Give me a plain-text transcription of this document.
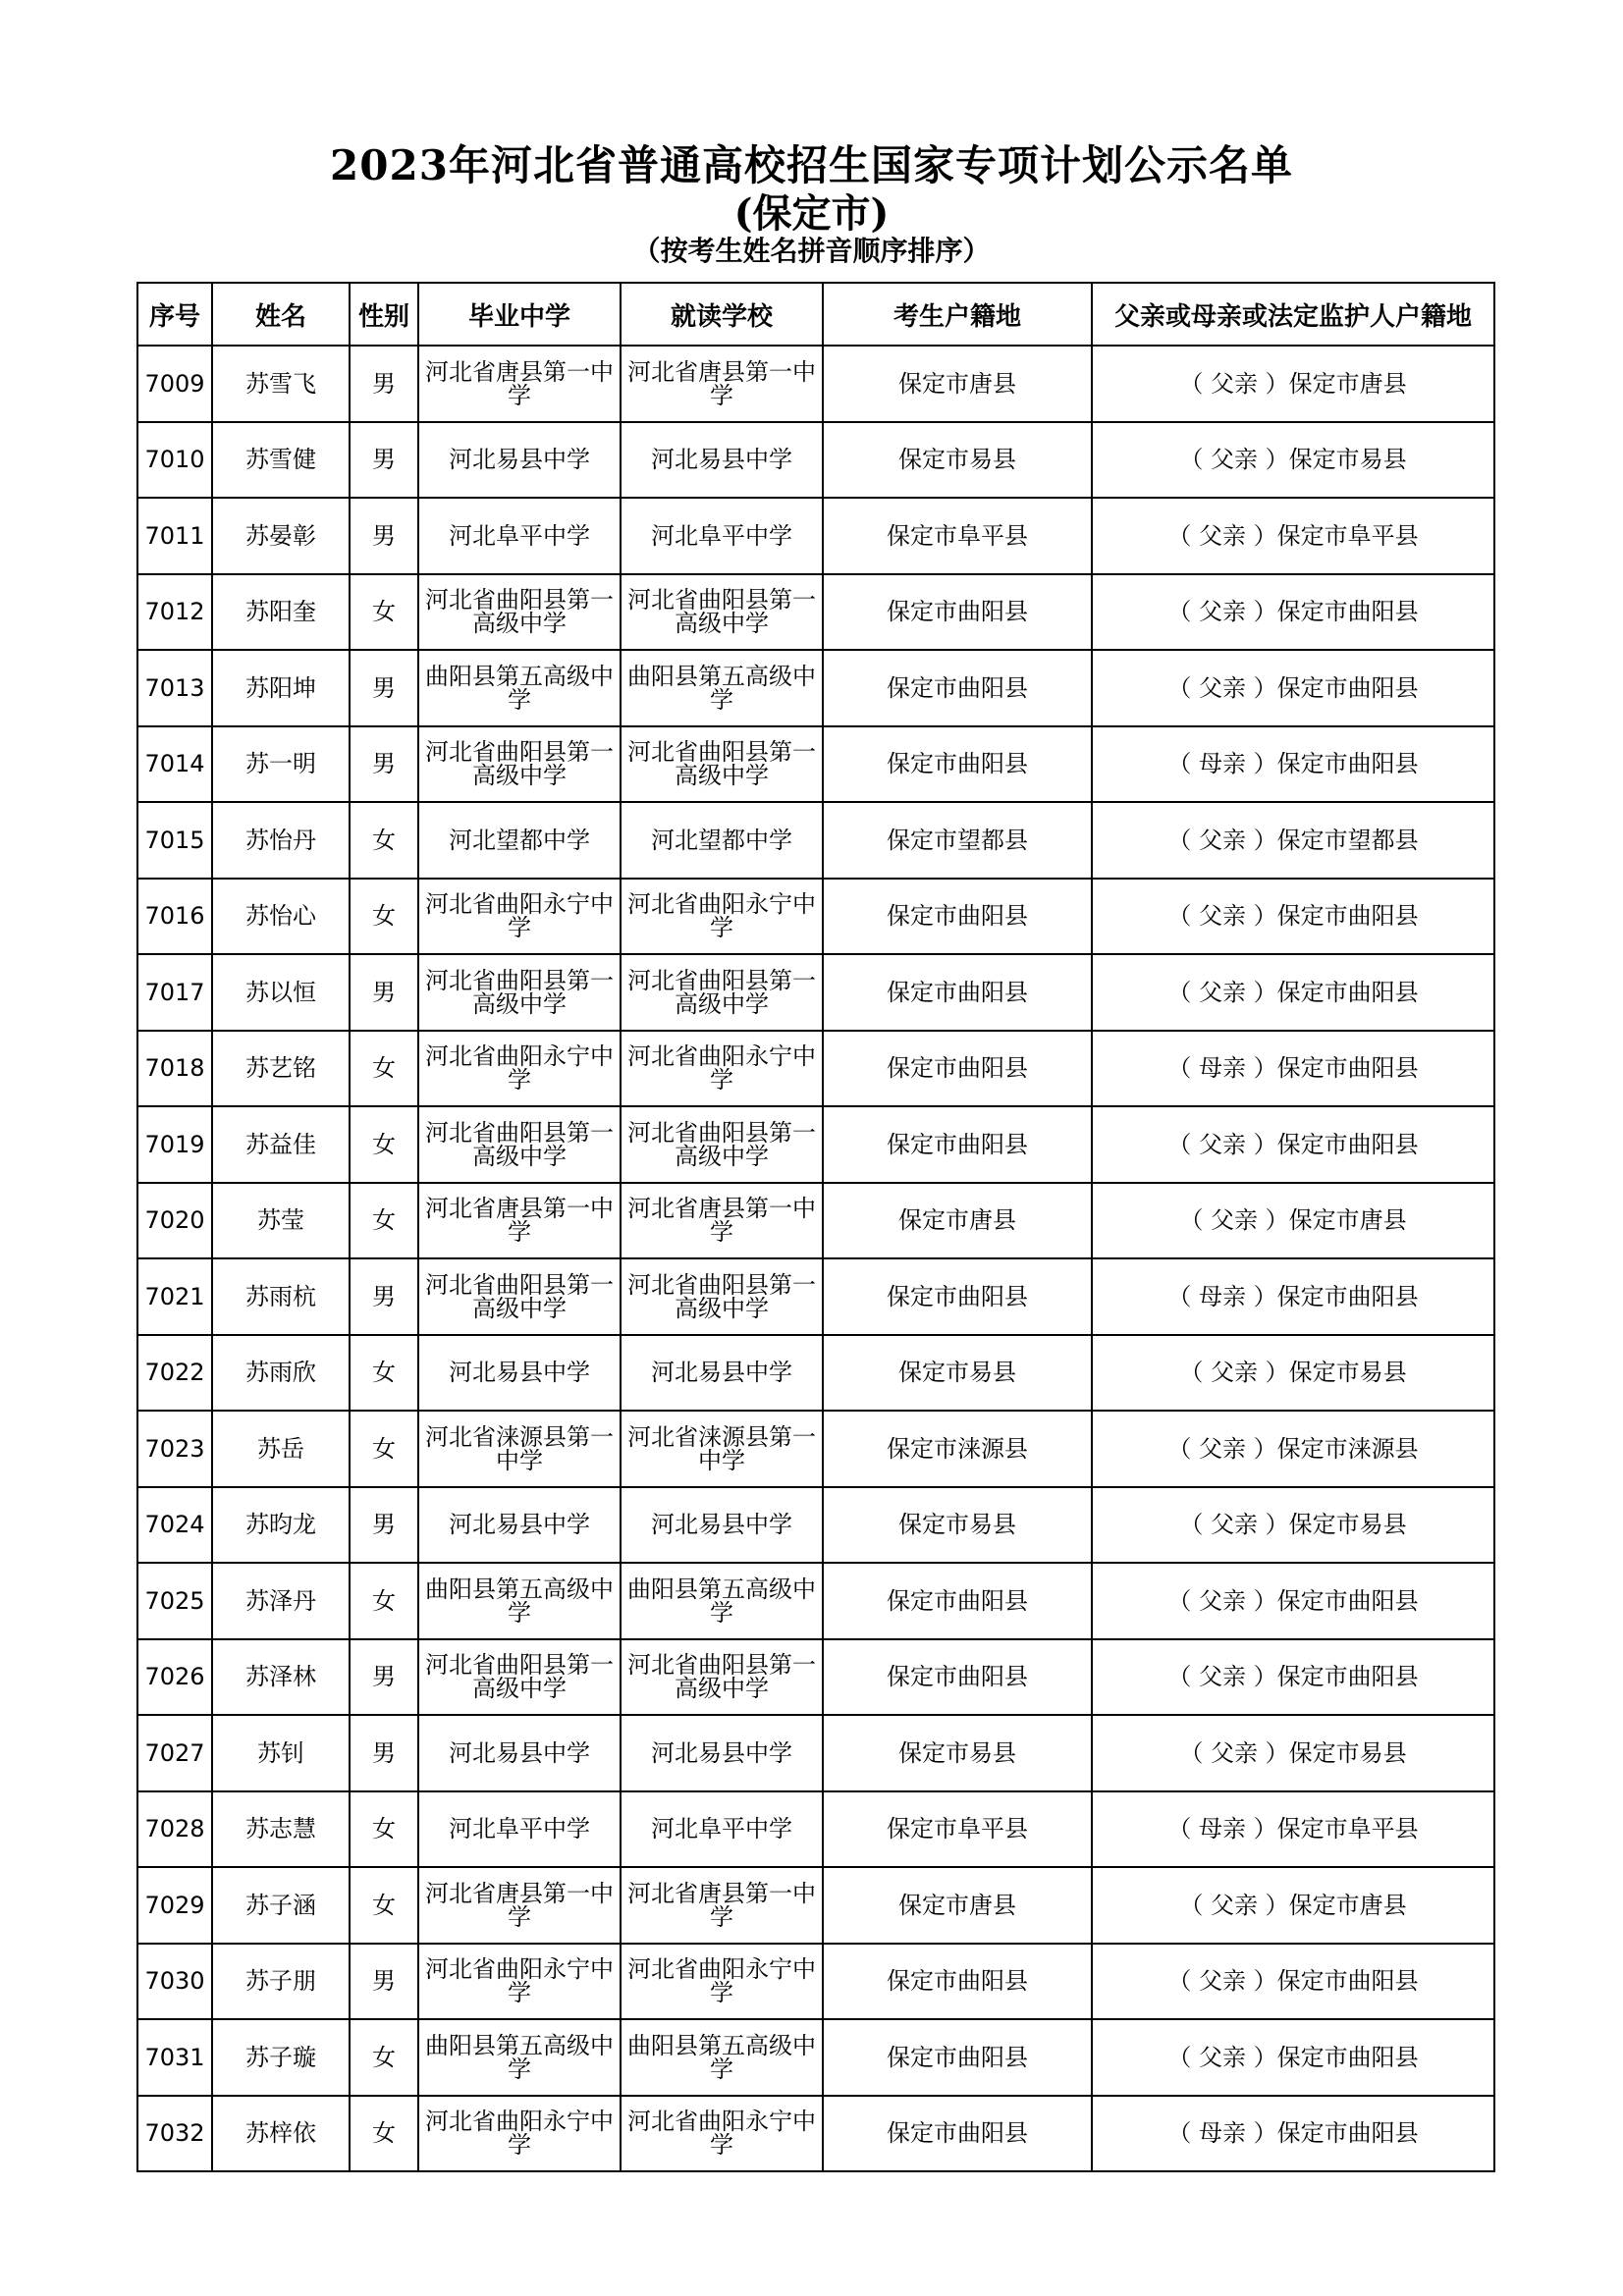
2023年河北省普通高校招生国家专项计划公示名单
(保定市)
（按考生姓名拼音顺序排序）
序号	姓名	性别	毕业中学	就读学校	考生户籍地	父亲或母亲或法定监护人户籍地
7009	苏雪飞	男	河北省唐县第一中学	河北省唐县第一中学	保定市唐县	（ 父亲 ）保定市唐县
7010	苏雪健	男	河北易县中学	河北易县中学	保定市易县	（ 父亲 ）保定市易县
7011	苏晏彰	男	河北阜平中学	河北阜平中学	保定市阜平县	（ 父亲 ）保定市阜平县
7012	苏阳奎	女	河北省曲阳县第一高级中学	河北省曲阳县第一高级中学	保定市曲阳县	（ 父亲 ）保定市曲阳县
7013	苏阳坤	男	曲阳县第五高级中学	曲阳县第五高级中学	保定市曲阳县	（ 父亲 ）保定市曲阳县
7014	苏一明	男	河北省曲阳县第一高级中学	河北省曲阳县第一高级中学	保定市曲阳县	（ 母亲 ）保定市曲阳县
7015	苏怡丹	女	河北望都中学	河北望都中学	保定市望都县	（ 父亲 ）保定市望都县
7016	苏怡心	女	河北省曲阳永宁中学	河北省曲阳永宁中学	保定市曲阳县	（ 父亲 ）保定市曲阳县
7017	苏以恒	男	河北省曲阳县第一高级中学	河北省曲阳县第一高级中学	保定市曲阳县	（ 父亲 ）保定市曲阳县
7018	苏艺铭	女	河北省曲阳永宁中学	河北省曲阳永宁中学	保定市曲阳县	（ 母亲 ）保定市曲阳县
7019	苏益佳	女	河北省曲阳县第一高级中学	河北省曲阳县第一高级中学	保定市曲阳县	（ 父亲 ）保定市曲阳县
7020	苏莹	女	河北省唐县第一中学	河北省唐县第一中学	保定市唐县	（ 父亲 ）保定市唐县
7021	苏雨杭	男	河北省曲阳县第一高级中学	河北省曲阳县第一高级中学	保定市曲阳县	（ 母亲 ）保定市曲阳县
7022	苏雨欣	女	河北易县中学	河北易县中学	保定市易县	（ 父亲 ）保定市易县
7023	苏岳	女	河北省涞源县第一中学	河北省涞源县第一中学	保定市涞源县	（ 父亲 ）保定市涞源县
7024	苏昀龙	男	河北易县中学	河北易县中学	保定市易县	（ 父亲 ）保定市易县
7025	苏泽丹	女	曲阳县第五高级中学	曲阳县第五高级中学	保定市曲阳县	（ 父亲 ）保定市曲阳县
7026	苏泽林	男	河北省曲阳县第一高级中学	河北省曲阳县第一高级中学	保定市曲阳县	（ 父亲 ）保定市曲阳县
7027	苏钊	男	河北易县中学	河北易县中学	保定市易县	（ 父亲 ）保定市易县
7028	苏志慧	女	河北阜平中学	河北阜平中学	保定市阜平县	（ 母亲 ）保定市阜平县
7029	苏子涵	女	河北省唐县第一中学	河北省唐县第一中学	保定市唐县	（ 父亲 ）保定市唐县
7030	苏子朋	男	河北省曲阳永宁中学	河北省曲阳永宁中学	保定市曲阳县	（ 父亲 ）保定市曲阳县
7031	苏子璇	女	曲阳县第五高级中学	曲阳县第五高级中学	保定市曲阳县	（ 父亲 ）保定市曲阳县
7032	苏梓依	女	河北省曲阳永宁中学	河北省曲阳永宁中学	保定市曲阳县	（ 母亲 ）保定市曲阳县
